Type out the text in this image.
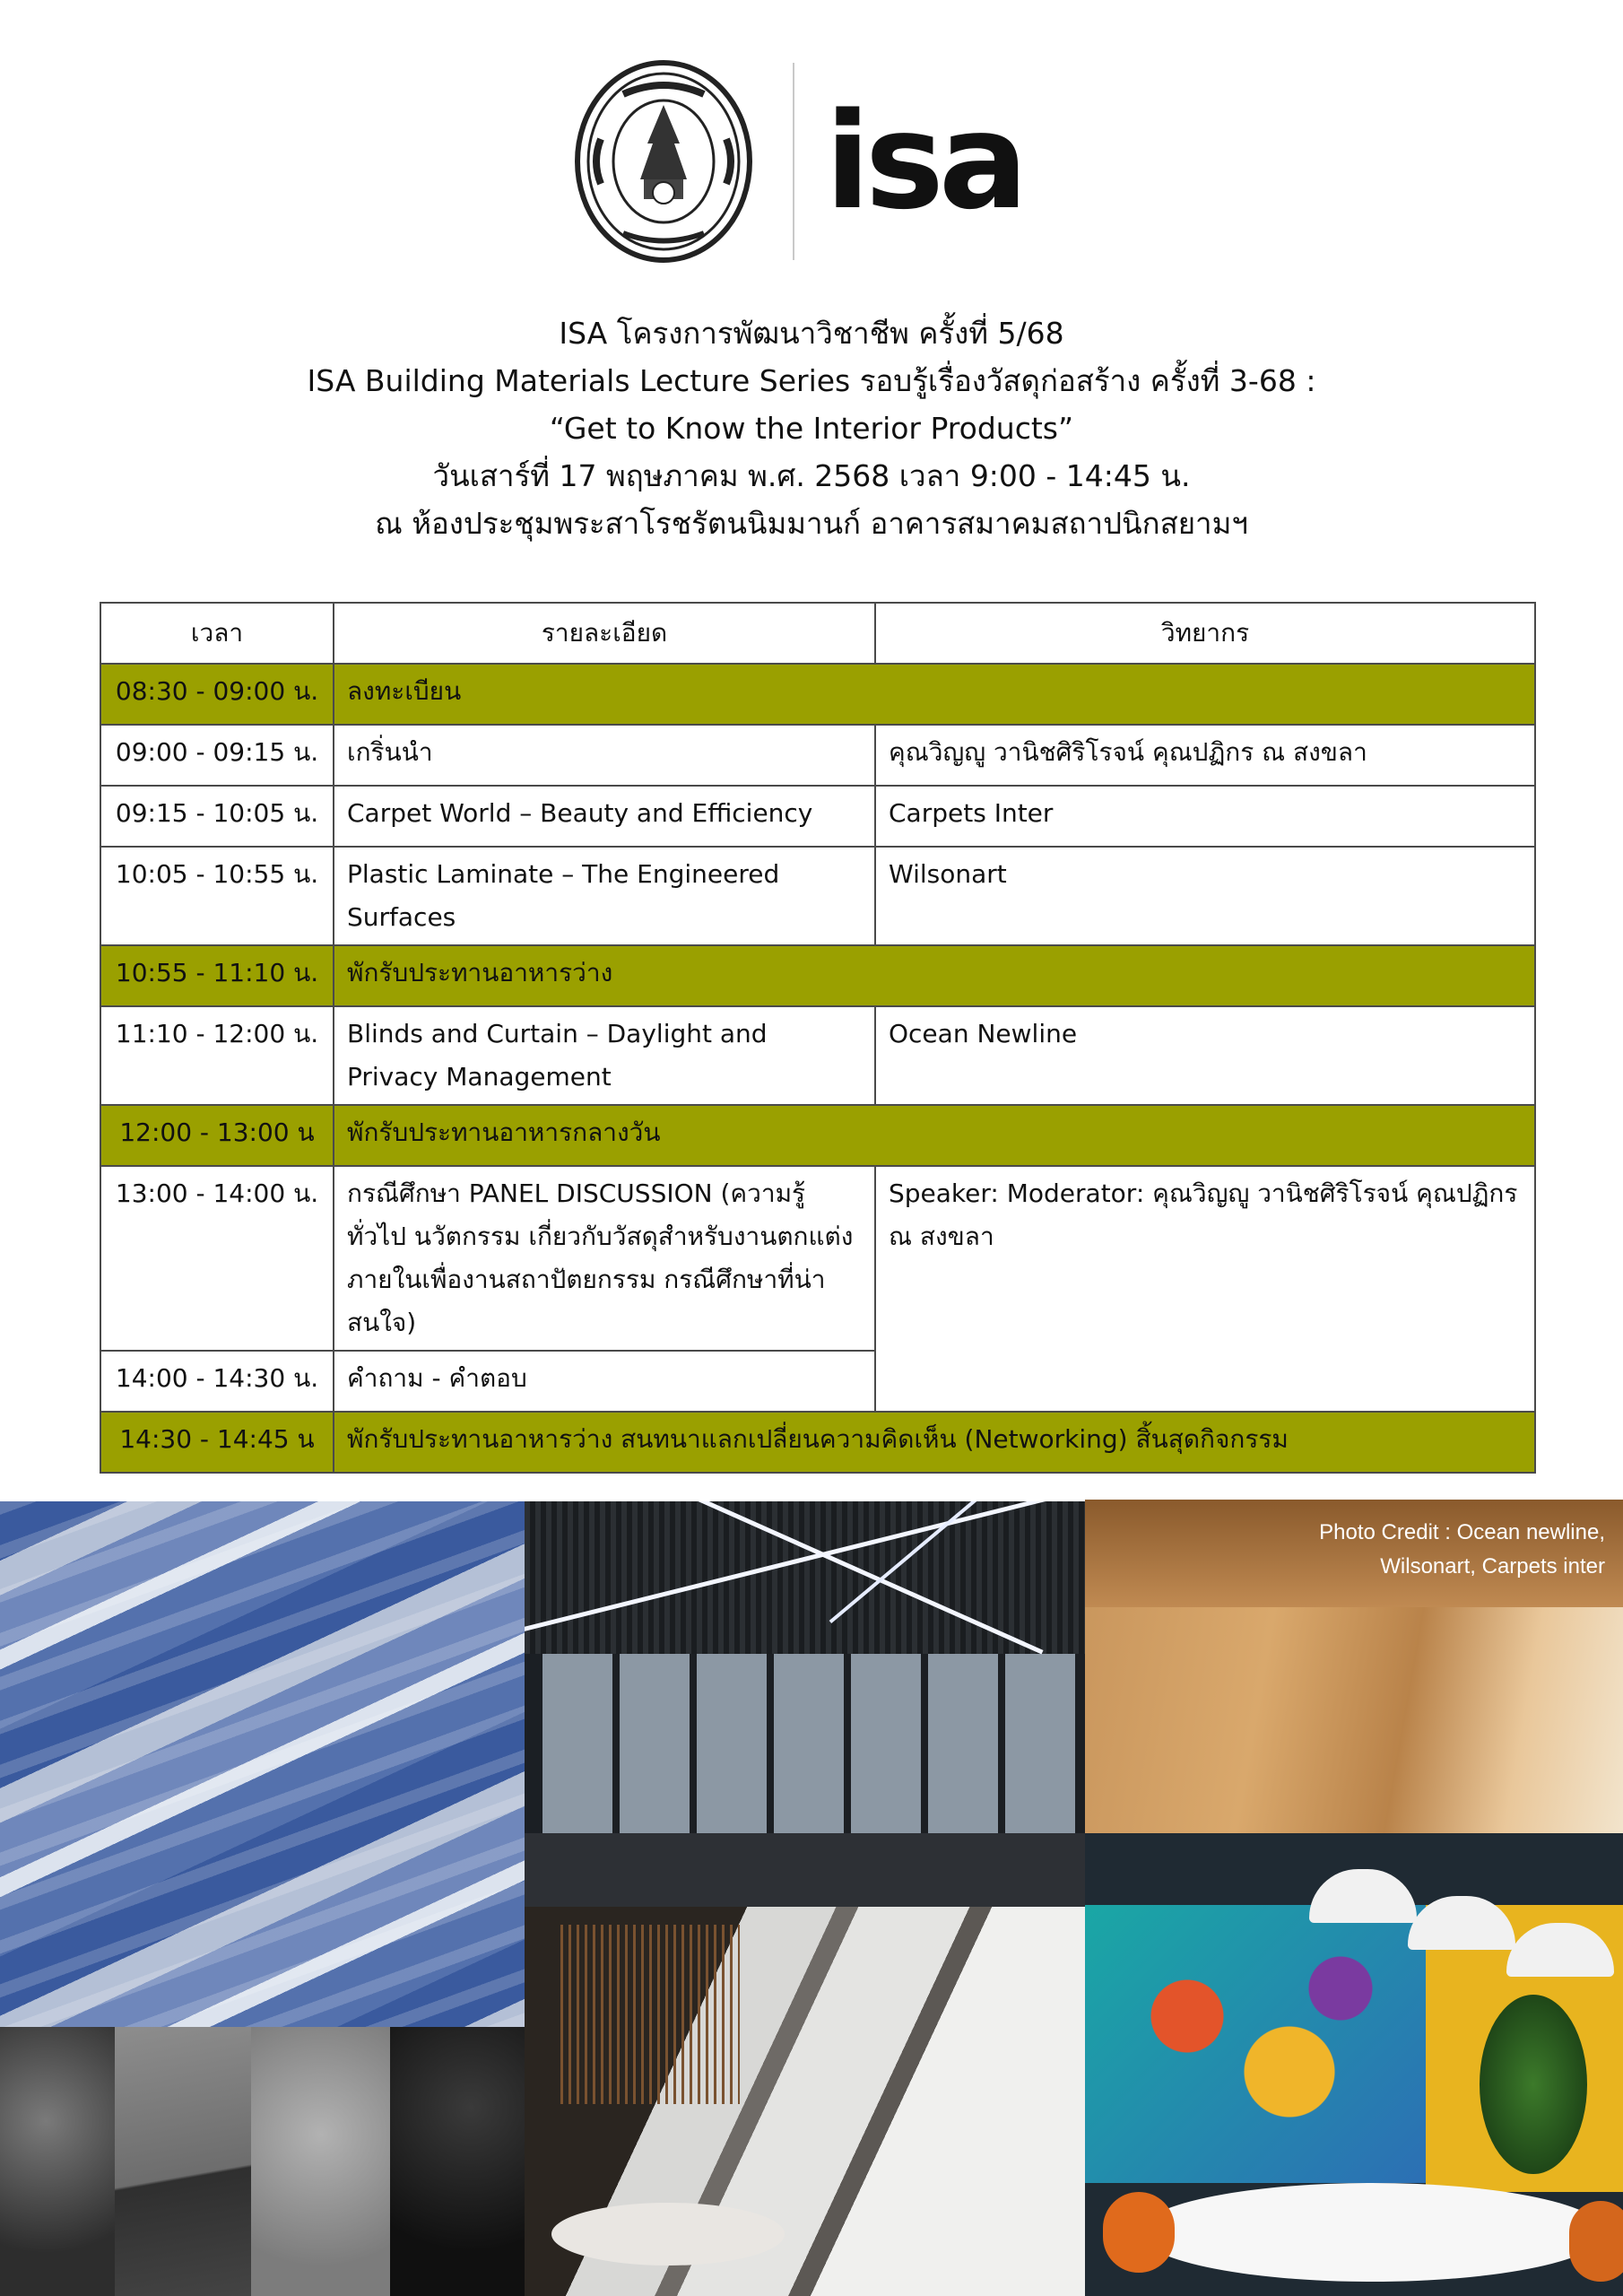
isa
ISA โครงการพัฒนาวิชาชีพ ครั้งที่ 5/68
ISA Building Materials Lecture Series รอบรู้เรื่องวัสดุก่อสร้าง ครั้งที่ 3-68 :
“Get to Know the Interior Products”
วันเสาร์ที่ 17 พฤษภาคม พ.ศ. 2568 เวลา 9:00 - 14:45 น.
ณ ห้องประชุมพระสาโรชรัตนนิมมานก์ อาคารสมาคมสถาปนิกสยามฯ
เวลา	รายละเอียด	วิทยากร
08:30 - 09:00 น.	ลงทะเบียน	
09:00 - 09:15 น.	เกริ่นนำ	คุณวิญญู วานิชศิริโรจน์ คุณปฏิกร ณ สงขลา
09:15 - 10:05 น.	Carpet World – Beauty and Efficiency	Carpets Inter
10:05 - 10:55 น.	Plastic Laminate – The Engineered Surfaces	Wilsonart
10:55 - 11:10 น.	พักรับประทานอาหารว่าง	
11:10 - 12:00 น.	Blinds and Curtain – Daylight and Privacy Management	Ocean Newline
12:00 - 13:00 น	พักรับประทานอาหารกลางวัน	
13:00 - 14:00 น.	กรณีศึกษา PANEL DISCUSSION (ความรู้ทั่วไป นวัตกรรม เกี่ยวกับวัสดุสำหรับงานตกแต่งภายในเพื่องานสถาปัตยกรรม กรณีศึกษาที่น่าสนใจ)	Speaker: Moderator: คุณวิญญู วานิชศิริโรจน์ คุณปฏิกร ณ สงขลา
14:00 - 14:30 น.	คำถาม - คำตอบ	
14:30 - 14:45 น	พักรับประทานอาหารว่าง สนทนาแลกเปลี่ยนความคิดเห็น (Networking) สิ้นสุดกิจกรรม	
Photo Credit : Ocean newline,
Wilsonart, Carpets inter
